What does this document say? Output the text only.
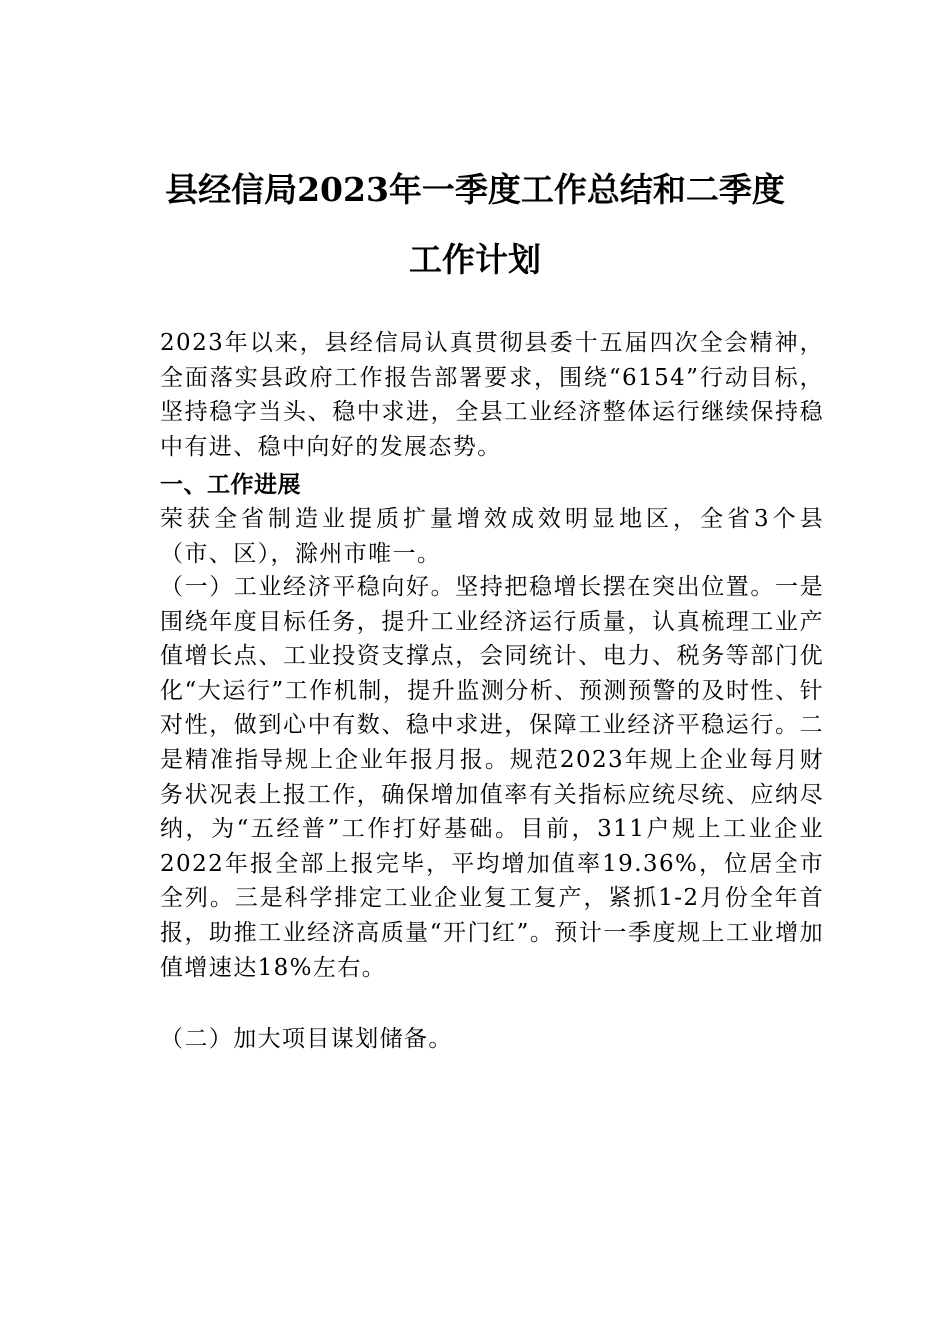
县经信局2023年一季度工作总结和二季度
工作计划
2023年以来，县经信局认真贯彻县委十五届四次全会精神，全面落实县政府工作报告部署要求，围绕“6154”行动目标，坚持稳字当头、稳中求进，全县工业经济整体运行继续保持稳中有进、稳中向好的发展态势。
一、工作进展
荣获全省制造业提质扩量增效成效明显地区，全省3个县（市、区），滁州市唯一。
（一）工业经济平稳向好。坚持把稳增长摆在突出位置。一是围绕年度目标任务，提升工业经济运行质量，认真梳理工业产值增长点、工业投资支撑点，会同统计、电力、税务等部门优化“大运行”工作机制，提升监测分析、预测预警的及时性、针对性，做到心中有数、稳中求进，保障工业经济平稳运行。二是精准指导规上企业年报月报。规范2023年规上企业每月财务状况表上报工作，确保增加值率有关指标应统尽统、应纳尽纳，为“五经普”工作打好基础。目前，311户规上工业企业2022年报全部上报完毕，平均增加值率19.36%，位居全市全列。三是科学排定工业企业复工复产，紧抓1-2月份全年首报，助推工业经济高质量“开门红”。预计一季度规上工业增加值增速达18%左右。
（二）加大项目谋划储备。
